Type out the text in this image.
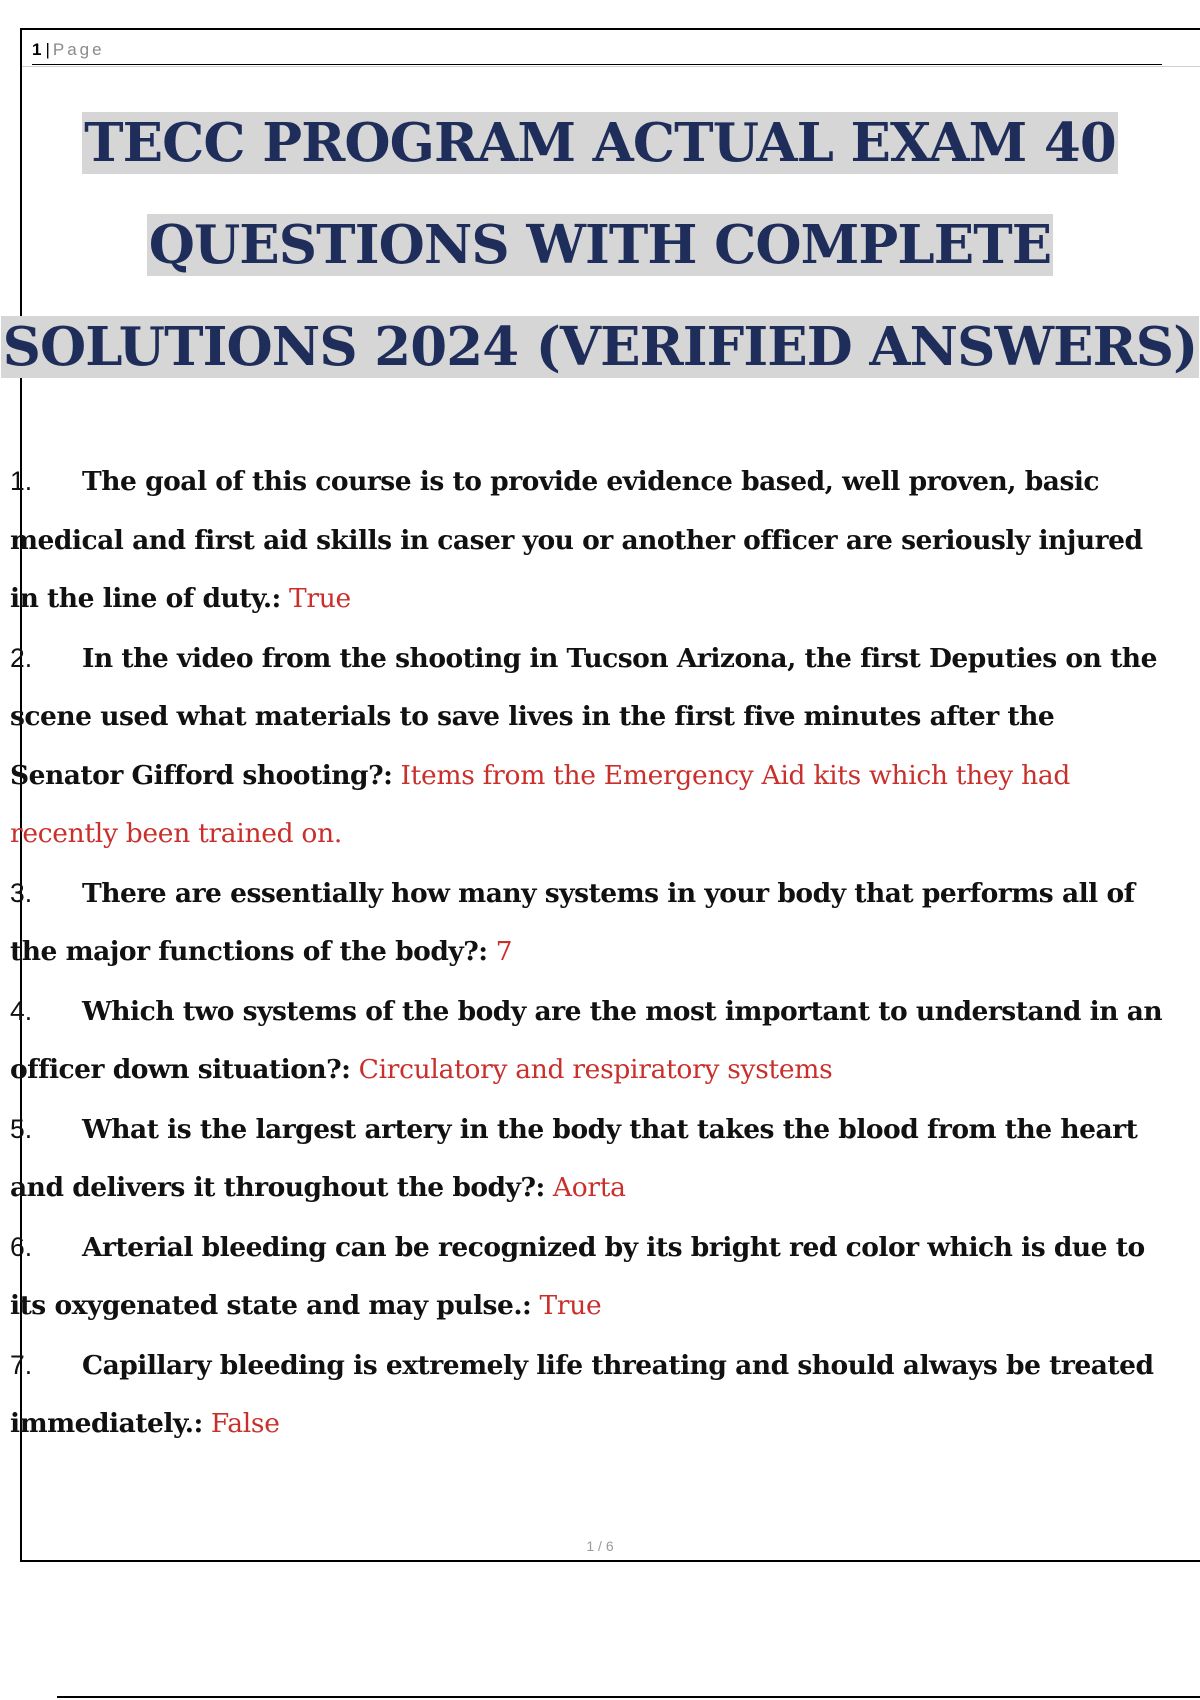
1 | Page
TECC PROGRAM ACTUAL EXAM 40
QUESTIONS WITH COMPLETE
SOLUTIONS 2024 (VERIFIED ANSWERS)
1. The goal of this course is to provide evidence based, well proven, basic
medical and first aid skills in caser you or another officer are seriously injured
in the line of duty.: True
2. In the video from the shooting in Tucson Arizona, the first Deputies on the
scene used what materials to save lives in the first five minutes after the
Senator Gifford shooting?: Items from the Emergency Aid kits which they had
recently been trained on.
3. There are essentially how many systems in your body that performs all of
the major functions of the body?: 7
4. Which two systems of the body are the most important to understand in an
officer down situation?: Circulatory and respiratory systems
5. What is the largest artery in the body that takes the blood from the heart
and delivers it throughout the body?: Aorta
6. Arterial bleeding can be recognized by its bright red color which is due to
its oxygenated state and may pulse.: True
7. Capillary bleeding is extremely life threating and should always be treated
immediately.: False
1 / 6
